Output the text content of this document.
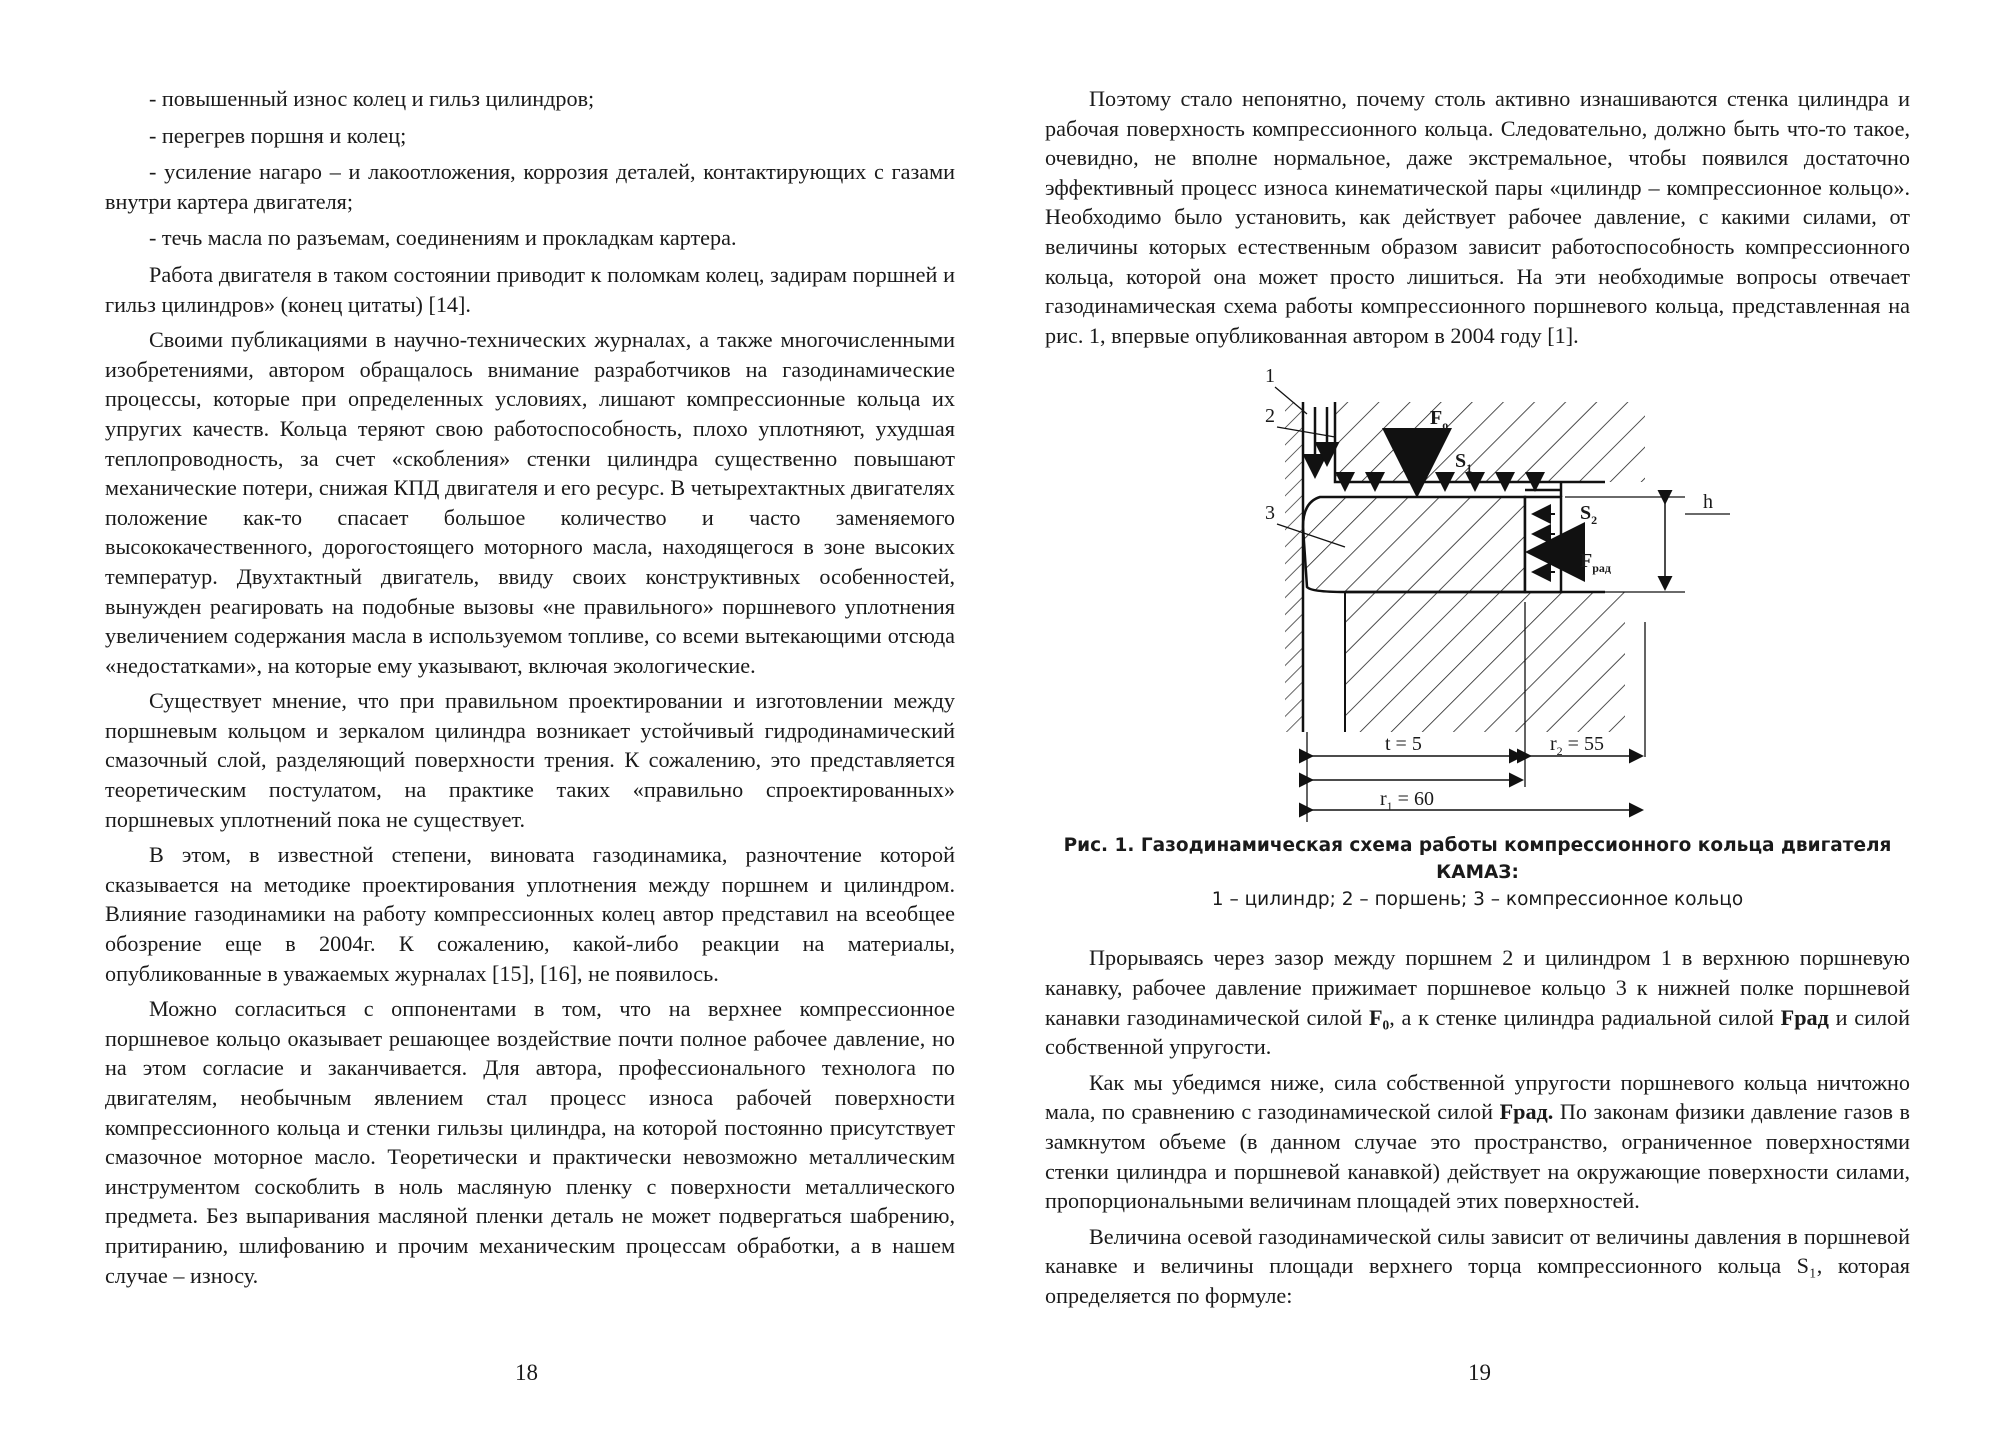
- повышенный износ колец и гильз цилиндров;

- перегрев поршня и колец;

- усиление нагаро – и лакоотложения, коррозия деталей, контактирующих с газами внутри картера двигателя;

- течь масла по разъемам, соединениям и прокладкам картера.

Работа двигателя в таком состоянии приводит к поломкам колец, задирам поршней и гильз цилиндров» (конец цитаты) [14].

Своими публикациями в научно-технических журналах, а также многочисленными изобретениями, автором обращалось внимание разработчиков на газодинамические процессы, которые при определенных условиях, лишают компрессионные кольца их упругих качеств. Кольца теряют свою работоспособность, плохо уплотняют, ухудшая теплопроводность, за счет «скобления» стенки цилиндра существенно повышают механические потери, снижая КПД двигателя и его ресурс. В четырехтактных двигателях положение как-то спасает большое количество и часто заменяемого высококачественного, дорогостоящего моторного масла, находящегося в зоне высоких температур. Двухтактный двигатель, ввиду своих конструктивных особенностей, вынужден реагировать на подобные вызовы «не правильного» поршневого уплотнения увеличением содержания масла в используемом топливе, со всеми вытекающими отсюда «недостатками», на которые ему указывают, включая экологические.

Существует мнение, что при правильном проектировании и изготовлении между поршневым кольцом и зеркалом цилиндра возникает устойчивый гидродинамический смазочный слой, разделяющий поверхности трения. К сожалению, это представляется теоретическим постулатом, на практике таких «правильно спроектированных» поршневых уплотнений пока не существует.

В этом, в известной степени, виновата газодинамика, разночтение которой сказывается на методике проектирования уплотнения между поршнем и цилиндром. Влияние газодинамики на работу компрессионных колец автор представил на всеобщее обозрение еще в 2004г. К сожалению, какой-либо реакции на материалы, опубликованные в уважаемых журналах [15], [16], не появилось.

Можно согласиться с оппонентами в том, что на верхнее компрессионное поршневое кольцо оказывает решающее воздействие почти полное рабочее давление, но на этом согласие и заканчивается. Для автора, профессионального технолога по двигателям, необычным явлением стал процесс износа рабочей поверхности компрессионного кольца и стенки гильзы цилиндра, на которой постоянно присутствует смазочное моторное масло. Теоретически и практически невозможно металлическим инструментом соскоблить в ноль масляную пленку с поверхности металлического предмета. Без выпаривания масляной пленки деталь не может подвергаться шабрению, притиранию, шлифованию и прочим механическим процессам обработки, а в нашем случае – износу.

18

Поэтому стало непонятно, почему столь активно изнашиваются стенка цилиндра и рабочая поверхность компрессионного кольца. Следовательно, должно быть что-то такое, очевидно, не вполне нормальное, даже экстремальное, чтобы появился достаточно эффективный процесс износа кинематической пары «цилиндр – компрессионное кольцо». Необходимо было установить, как действует рабочее давление, с какими силами, от величины которых естественным образом зависит работоспособность компрессионного кольца, которой она может просто лишиться. На эти необходимые вопросы отвечает газодинамическая схема работы компрессионного поршневого кольца, представленная на рис. 1, впервые опубликованная автором в 2004 году [1].

1
2
3
$F_o$
$S_1$
$S_2$
$F_{рад}$
h
t = 5	$r_2 = 55$
$r_1 = 60$
Рис. 1. Газодинамическая схема работы компрессионного кольца двигателя КАМАЗ:
1 – цилиндр; 2 – поршень; 3 – компрессионное кольцо

Прорываясь через зазор между поршнем 2 и цилиндром 1 в верхнюю поршневую канавку, рабочее давление прижимает поршневое кольцо 3 к нижней полке поршневой канавки газодинамической силой F₀, а к стенке цилиндра радиальной силой Fрад и силой собственной упругости.

Как мы убедимся ниже, сила собственной упругости поршневого кольца ничтожно мала, по сравнению с газодинамической силой Fрад. По законам физики давление газов в замкнутом объеме (в данном случае это пространство, ограниченное поверхностями стенки цилиндра и поршневой канавкой) действует на окружающие поверхности силами, пропорциональными величинам площадей этих поверхностей.

Величина осевой газодинамической силы зависит от величины давления в поршневой канавке и величины площади верхнего торца компрессионного кольца S₁, которая определяется по формуле:

19
